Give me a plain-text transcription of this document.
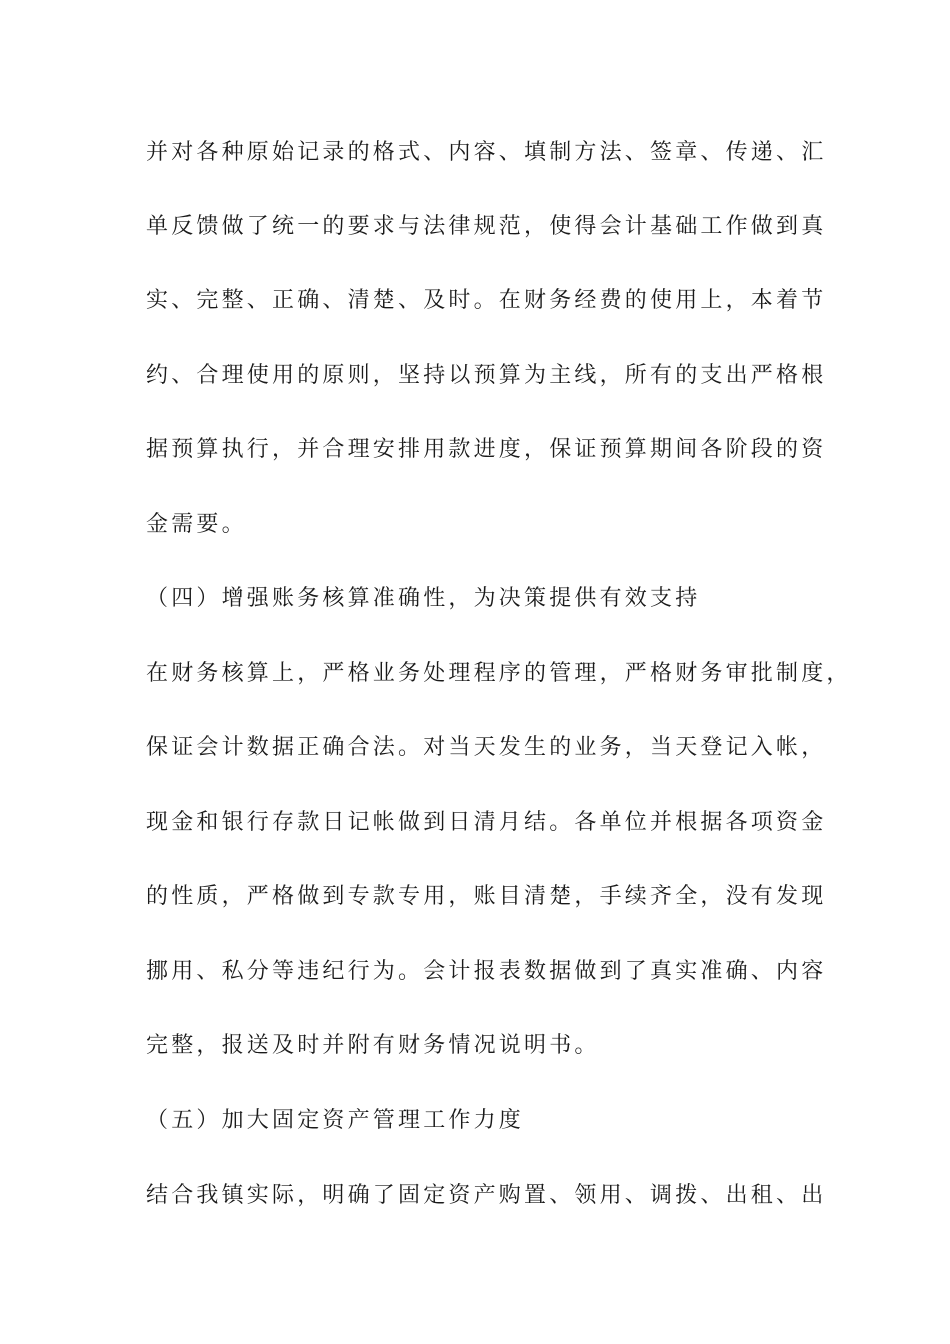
并对各种原始记录的格式、内容、填制方法、签章、传递、汇
单反馈做了统一的要求与法律规范，使得会计基础工作做到真
实、完整、正确、清楚、及时。在财务经费的使用上，本着节
约、合理使用的原则，坚持以预算为主线，所有的支出严格根
据预算执行，并合理安排用款进度，保证预算期间各阶段的资
金需要。
（四）增强账务核算准确性，为决策提供有效支持
在财务核算上，严格业务处理程序的管理，严格财务审批制度，
保证会计数据正确合法。对当天发生的业务，当天登记入帐，
现金和银行存款日记帐做到日清月结。各单位并根据各项资金
的性质，严格做到专款专用，账目清楚，手续齐全，没有发现
挪用、私分等违纪行为。会计报表数据做到了真实准确、内容
完整，报送及时并附有财务情况说明书。
（五）加大固定资产管理工作力度
结合我镇实际，明确了固定资产购置、领用、调拨、出租、出
